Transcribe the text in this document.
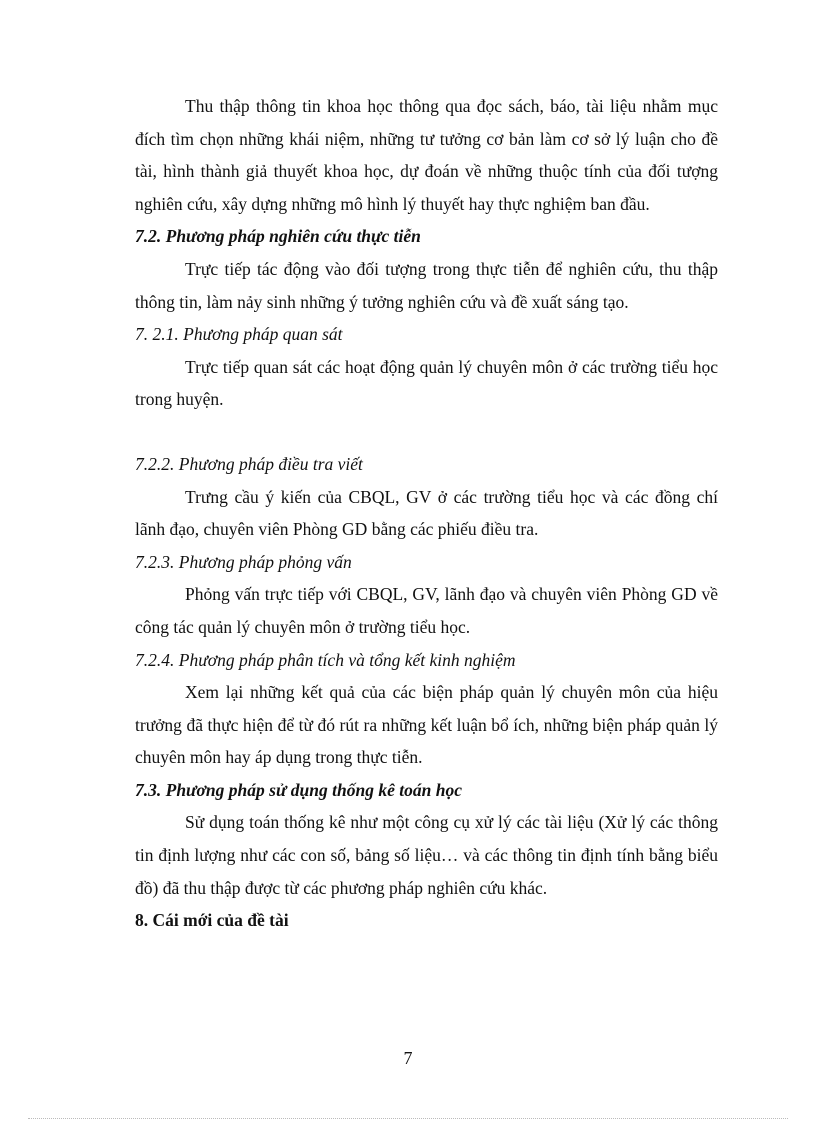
Thu thập thông tin khoa học thông qua đọc sách, báo, tài liệu nhằm mục đích tìm chọn những khái niệm, những tư tưởng cơ bản làm cơ sở lý luận cho đề tài, hình thành giả thuyết khoa học, dự đoán về những thuộc tính của đối tượng nghiên cứu, xây dựng những mô hình lý thuyết hay thực nghiệm ban đầu.

7.2. Phương pháp nghiên cứu thực tiễn

Trực tiếp tác động vào đối tượng trong thực tiễn để nghiên cứu, thu thập thông tin, làm nảy sinh những ý tưởng nghiên cứu và đề xuất sáng tạo.

7. 2.1. Phương pháp quan sát

Trực tiếp quan sát các hoạt động quản lý chuyên môn ở các trường tiểu học trong huyện.

7.2.2. Phương pháp điều tra viết

Trưng cầu ý kiến của CBQL, GV ở các trường tiểu học và các đồng chí lãnh đạo, chuyên viên Phòng GD bằng các phiếu điều tra.

7.2.3. Phương pháp phỏng vấn

Phỏng vấn trực tiếp với CBQL, GV, lãnh đạo và chuyên viên Phòng GD về công tác quản lý chuyên môn ở trường tiểu học.

7.2.4. Phương pháp phân tích và tổng kết kinh nghiệm

Xem lại những kết quả của các biện pháp quản lý chuyên môn của hiệu trưởng đã thực hiện để từ đó rút ra những kết luận bổ ích, những biện pháp quản lý chuyên môn hay áp dụng trong thực tiễn.

7.3. Phương pháp sử dụng thống kê toán học

Sử dụng toán thống kê như một công cụ xử lý các tài liệu (Xử lý các thông tin định lượng như các con số, bảng số liệu… và các thông tin định tính bằng biểu đồ) đã thu thập được từ các phương pháp nghiên cứu khác.

8. Cái mới của đề tài

7
